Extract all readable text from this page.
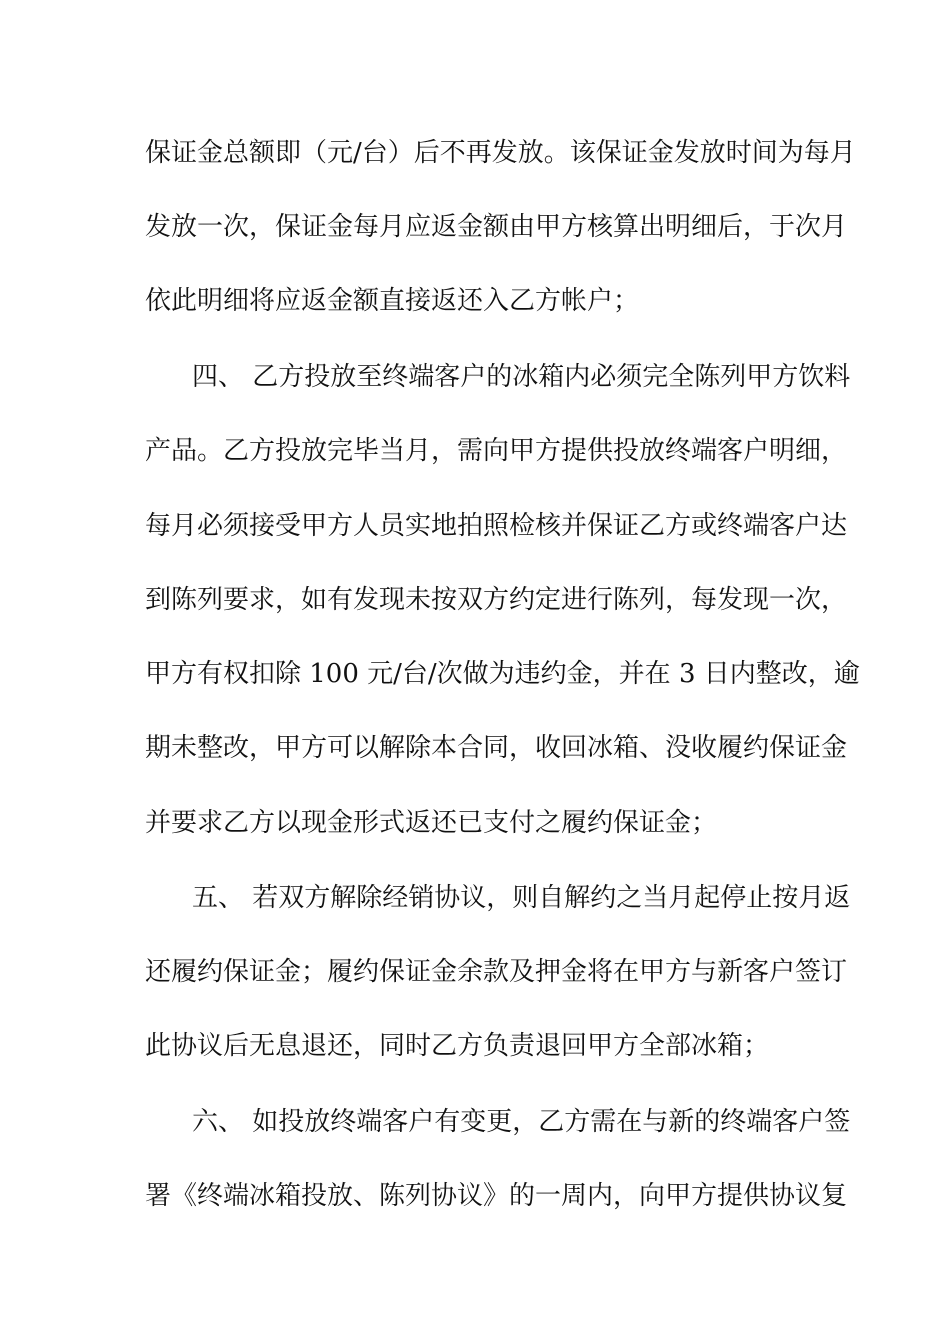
保证金总额即（元/台）后不再发放。该保证金发放时间为每月
发放一次，保证金每月应返金额由甲方核算出明细后，于次月
依此明细将应返金额直接返还入乙方帐户；
四、 乙方投放至终端客户的冰箱内必须完全陈列甲方饮料
产品。乙方投放完毕当月，需向甲方提供投放终端客户明细，
每月必须接受甲方人员实地拍照检核并保证乙方或终端客户达
到陈列要求，如有发现未按双方约定进行陈列，每发现一次，
甲方有权扣除 100 元/台/次做为违约金，并在 3 日内整改，逾
期未整改，甲方可以解除本合同，收回冰箱、没收履约保证金
并要求乙方以现金形式返还已支付之履约保证金；
五、 若双方解除经销协议，则自解约之当月起停止按月返
还履约保证金；履约保证金余款及押金将在甲方与新客户签订
此协议后无息退还，同时乙方负责退回甲方全部冰箱；
六、 如投放终端客户有变更，乙方需在与新的终端客户签
署《终端冰箱投放、陈列协议》的一周内，向甲方提供协议复
